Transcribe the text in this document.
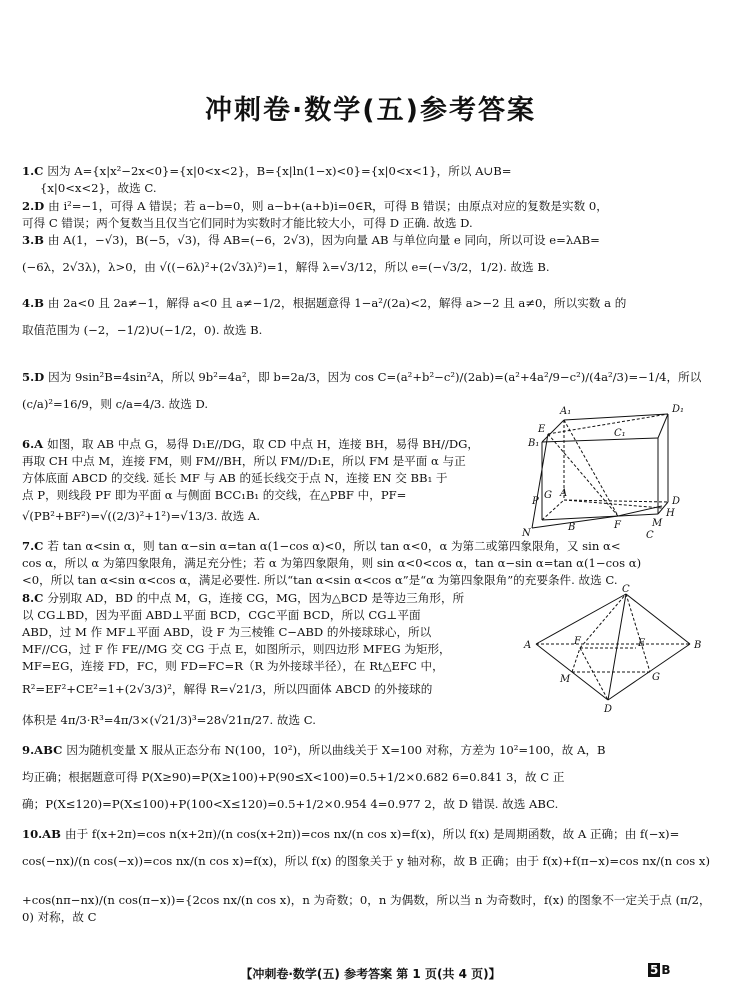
冲刺卷·数学(五)参考答案

1.C 因为 A={x|x²−2x<0}={x|0<x<2}，B={x|ln(1−x)<0}={x|0<x<1}，所以 A∪B=

{x|0<x<2}，故选 C.

2.D 由 i²=−1，可得 A 错误；若 a−b=0，则 a−b+(a+b)i=0∈R，可得 B 错误；由原点对应的复数是实数 0，

可得 C 错误；两个复数当且仅当它们同时为实数时才能比较大小，可得 D 正确. 故选 D.

3.B 由 A(1，−√3)，B(−5，√3)，得 AB=(−6，2√3)，因为向量 AB 与单位向量 e 同向，所以可设 e=λAB=

(−6λ，2√3λ)，λ>0，由 √((−6λ)²+(2√3λ)²)=1，解得 λ=√3/12，所以 e=(−√3/2，1/2). 故选 B.

4.B 由 2a<0 且 2a≠−1，解得 a<0 且 a≠−1/2，根据题意得 1−a²/(2a)<2，解得 a>−2 且 a≠0，所以实数 a 的

取值范围为 (−2，−1/2)∪(−1/2，0). 故选 B.

5.D 因为 9sin²B=4sin²A，所以 9b²=4a²，即 b=2a/3，因为 cos C=(a²+b²−c²)/(2ab)=(a²+4a²/9−c²)/(4a²/3)=−1/4，所以

(c/a)²=16/9，则 c/a=4/3. 故选 D.

6.A 如图，取 AB 中点 G，易得 D₁E//DG，取 CD 中点 H，连接 BH，易得 BH//DG，

再取 CH 中点 M，连接 FM，则 FM//BH，所以 FM//D₁E，所以 FM 是平面 α 与正

方体底面 ABCD 的交线. 延长 MF 与 AB 的延长线交于点 N，连接 EN 交 BB₁ 于

点 P，则线段 PF 即为平面 α 与侧面 BCC₁B₁ 的交线，在△PBF 中，PF=

√(PB²+BF²)=√((2/3)²+1²)=√13/3. 故选 A.

A₁	D₁
E	C₁
B₁
P
G
N
A
D
H
M
F
B
C

7.C 若 tan α<sin α，则 tan α−sin α=tan α(1−cos α)<0，所以 tan α<0，α 为第二或第四象限角，又 sin α<

cos α，所以 α 为第四象限角，满足充分性；若 α 为第四象限角，则 sin α<0<cos α，tan α−sin α=tan α(1−cos α)

<0，所以 tan α<sin α<cos α，满足必要性. 所以“tan α<sin α<cos α”是“α 为第四象限角”的充要条件. 故选 C.

8.C 分别取 AD，BD 的中点 M，G，连接 CG，MG，因为△BCD 是等边三角形，所

以 CG⊥BD，因为平面 ABD⊥平面 BCD，CG⊂平面 BCD，所以 CG⊥平面

ABD，过 M 作 MF⊥平面 ABD，设 F 为三棱锥 C−ABD 的外接球球心，所以

MF//CG，过 F 作 FE//MG 交 CG 于点 E，如图所示，则四边形 MFEG 为矩形，

MF=EG，连接 FD，FC，则 FD=FC=R（R 为外接球半径），在 Rt△EFC 中，

R²=EF²+CE²=1+(2√3/3)²，解得 R=√21/3，所以四面体 ABCD 的外接球的

体积是 4π/3·R³=4π/3×(√21/3)³=28√21π/27. 故选 C.

C
A	F	E	B
M	G
D

9.ABC 因为随机变量 X 服从正态分布 N(100，10²)，所以曲线关于 X=100 对称，方差为 10²=100，故 A，B

均正确；根据题意可得 P(X≥90)=P(X≥100)+P(90≤X<100)=0.5+1/2×0.682 6=0.841 3，故 C 正

确；P(X≤120)=P(X≤100)+P(100<X≤120)=0.5+1/2×0.954 4=0.977 2，故 D 错误. 故选 ABC.

10.AB 由于 f(x+2π)=cos n(x+2π)/(n cos(x+2π))=cos nx/(n cos x)=f(x)，所以 f(x) 是周期函数，故 A 正确；由 f(−x)=

cos(−nx)/(n cos(−x))=cos nx/(n cos x)=f(x)，所以 f(x) 的图象关于 y 轴对称，故 B 正确；由于 f(x)+f(π−x)=cos nx/(n cos x)

+cos(nπ−nx)/(n cos(π−x))={2cos nx/(n cos x)，n 为奇数；0，n 为偶数，所以当 n 为奇数时，f(x) 的图象不一定关于点 (π/2，0) 对称，故 C

【冲刺卷·数学(五) 参考答案 第 1 页(共 4 页)】	5 B
